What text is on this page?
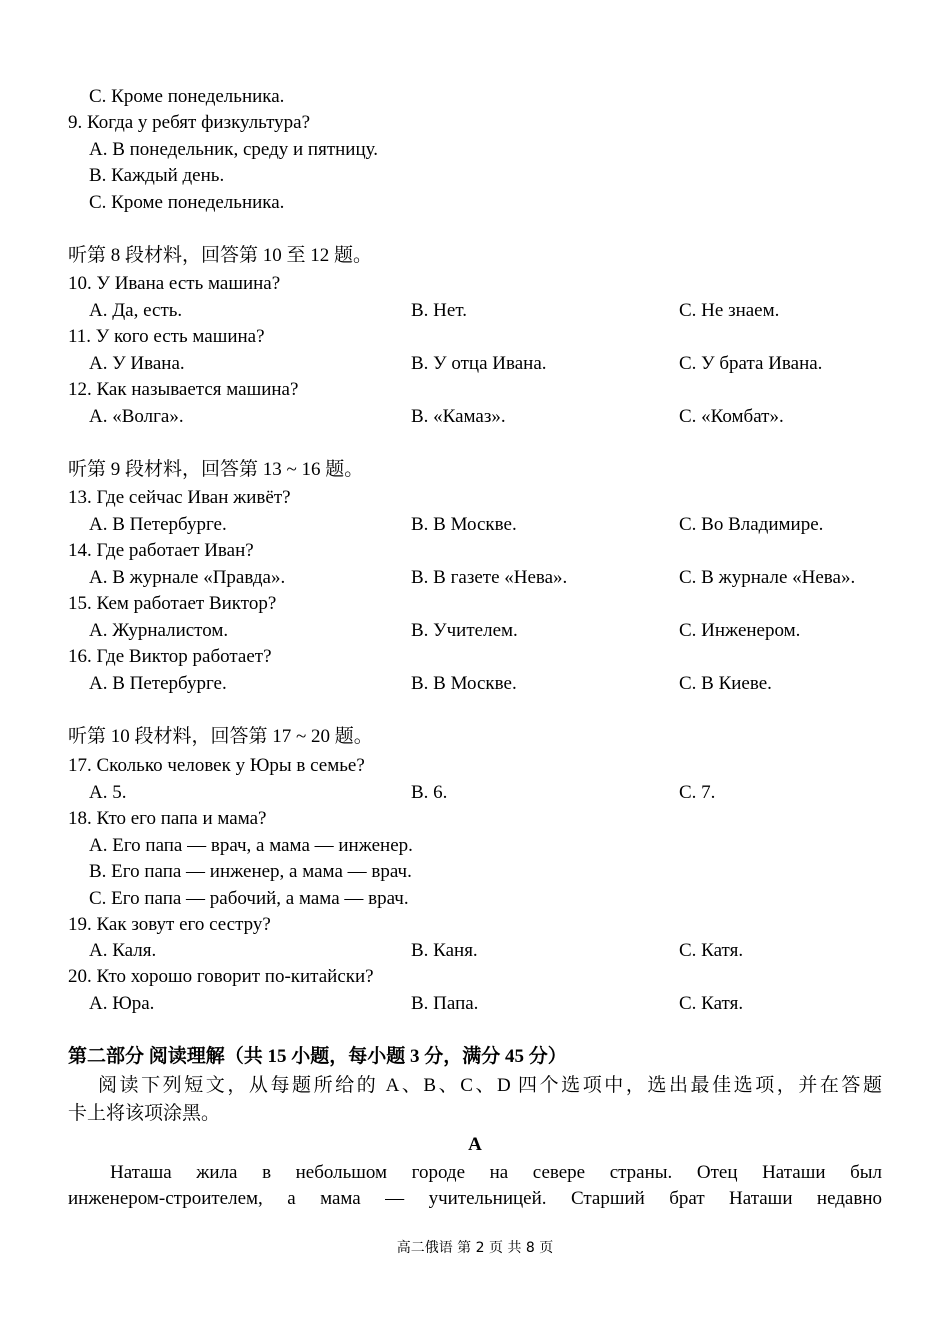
C. Кроме понедельника.
9. Когда у ребят физкультура?
A. В понедельник, среду и пятницу.
B. Каждый день.
C. Кроме понедельника.
听第 8 段材料，回答第 10 至 12 题。
10. У Ивана есть машина?
A. Да, есть.	B. Нет.	C. Не знаем.
11. У кого есть машина?
A. У Ивана.	B. У отца Ивана.	C. У брата Ивана.
12. Как называется машина?
A. «Волга».	B. «Камаз».	C. «Комбат».
听第 9 段材料，回答第 13 ~ 16 题。
13. Где сейчас Иван живёт?
A. В Петербурге.	B. В Москве.	C. Во Владимире.
14. Где работает Иван?
A. В журнале «Правда».	B. В газете «Нева».	C. В журнале «Нева».
15. Кем работает Виктор?
A. Журналистом.	B. Учителем.	C. Инженером.
16. Где Виктор работает?
A. В Петербурге.	B. В Москве.	C. В Киеве.
听第 10 段材料，回答第 17 ~ 20 题。
17. Сколько человек у Юры в семье?
A. 5.	B. 6.	C. 7.
18. Кто его папа и мама?
A. Его папа — врач, а мама — инженер.
B. Его папа — инженер, а мама — врач.
C. Его папа — рабочий, а мама — врач.
19. Как зовут его сестру?
A. Каля.	B. Каня.	C. Катя.
20. Кто хорошо говорит по-китайски?
A. Юра.	B. Папа.	C. Катя.
第二部分 阅读理解（共 15 小题，每小题 3 分，满分 45 分）
阅读下列短文，从每题所给的 A、B、C、D 四个选项中，选出最佳选项，并在答题
卡上将该项涂黑。
A
Наташа жила в небольшом городе на севере страны. Отец Наташи был
инженером-строителем, а мама — учительницей. Старший брат Наташи недавно
高二俄语 第 2 页 共 8 页
